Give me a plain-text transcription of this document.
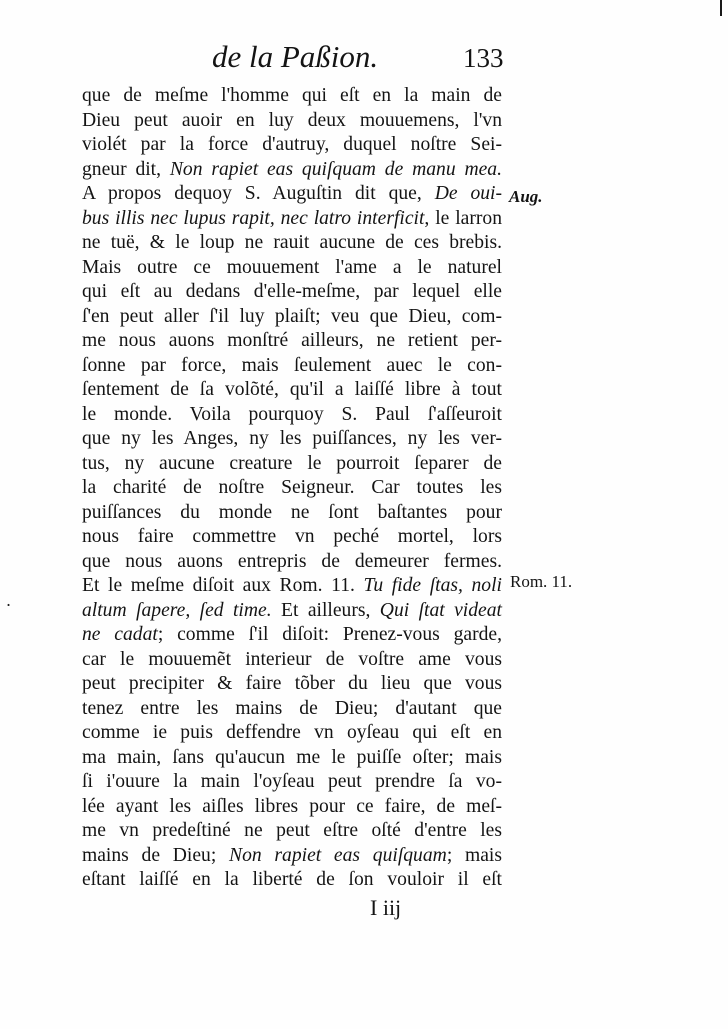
·
de la Paßion.	133
que de meſme l'homme qui eſt en la main de
Dieu peut auoir en luy deux mouuemens, l'vn
violét par la force d'autruy, duquel noſtre Sei-
gneur dit, Non rapiet eas quiſquam de manu mea.
A propos dequoy S. Auguſtin dit que, De oui-
bus illis nec lupus rapit, nec latro interficit, le larron
ne tuë, & le loup ne rauit aucune de ces brebis.
Mais outre ce mouuement l'ame a le naturel
qui eſt au dedans d'elle-meſme, par lequel elle
ſ'en peut aller ſ'il luy plaiſt; veu que Dieu, com-
me nous auons monſtré ailleurs, ne retient per-
ſonne par force, mais ſeulement auec le con-
ſentement de ſa volõté, qu'il a laiſſé libre à tout
le monde. Voila pourquoy S. Paul ſ'aſſeuroit
que ny les Anges, ny les puiſſances, ny les ver-
tus, ny aucune creature le pourroit ſeparer de
la charité de noſtre Seigneur. Car toutes les
puiſſances du monde ne ſont baſtantes pour
nous faire commettre vn peché mortel, lors
que nous auons entrepris de demeurer fermes.
Et le meſme diſoit aux Rom. 11. Tu fide ſtas, noli
altum ſapere, ſed time. Et ailleurs, Qui ſtat videat
ne cadat; comme ſ'il diſoit: Prenez-vous garde,
car le mouuemẽt interieur de voſtre ame vous
peut precipiter & faire tõber du lieu que vous
tenez entre les mains de Dieu; d'autant que
comme ie puis deffendre vn oyſeau qui eſt en
ma main, ſans qu'aucun me le puiſſe oſter; mais
ſi i'ouure la main l'oyſeau peut prendre ſa vo-
lée ayant les aiſles libres pour ce faire, de meſ-
me vn predeſtiné ne peut eſtre oſté d'entre les
mains de Dieu; Non rapiet eas quiſquam; mais
eſtant laiſſé en la liberté de ſon vouloir il eſt
Aug.
Rom. 11.
I iij
